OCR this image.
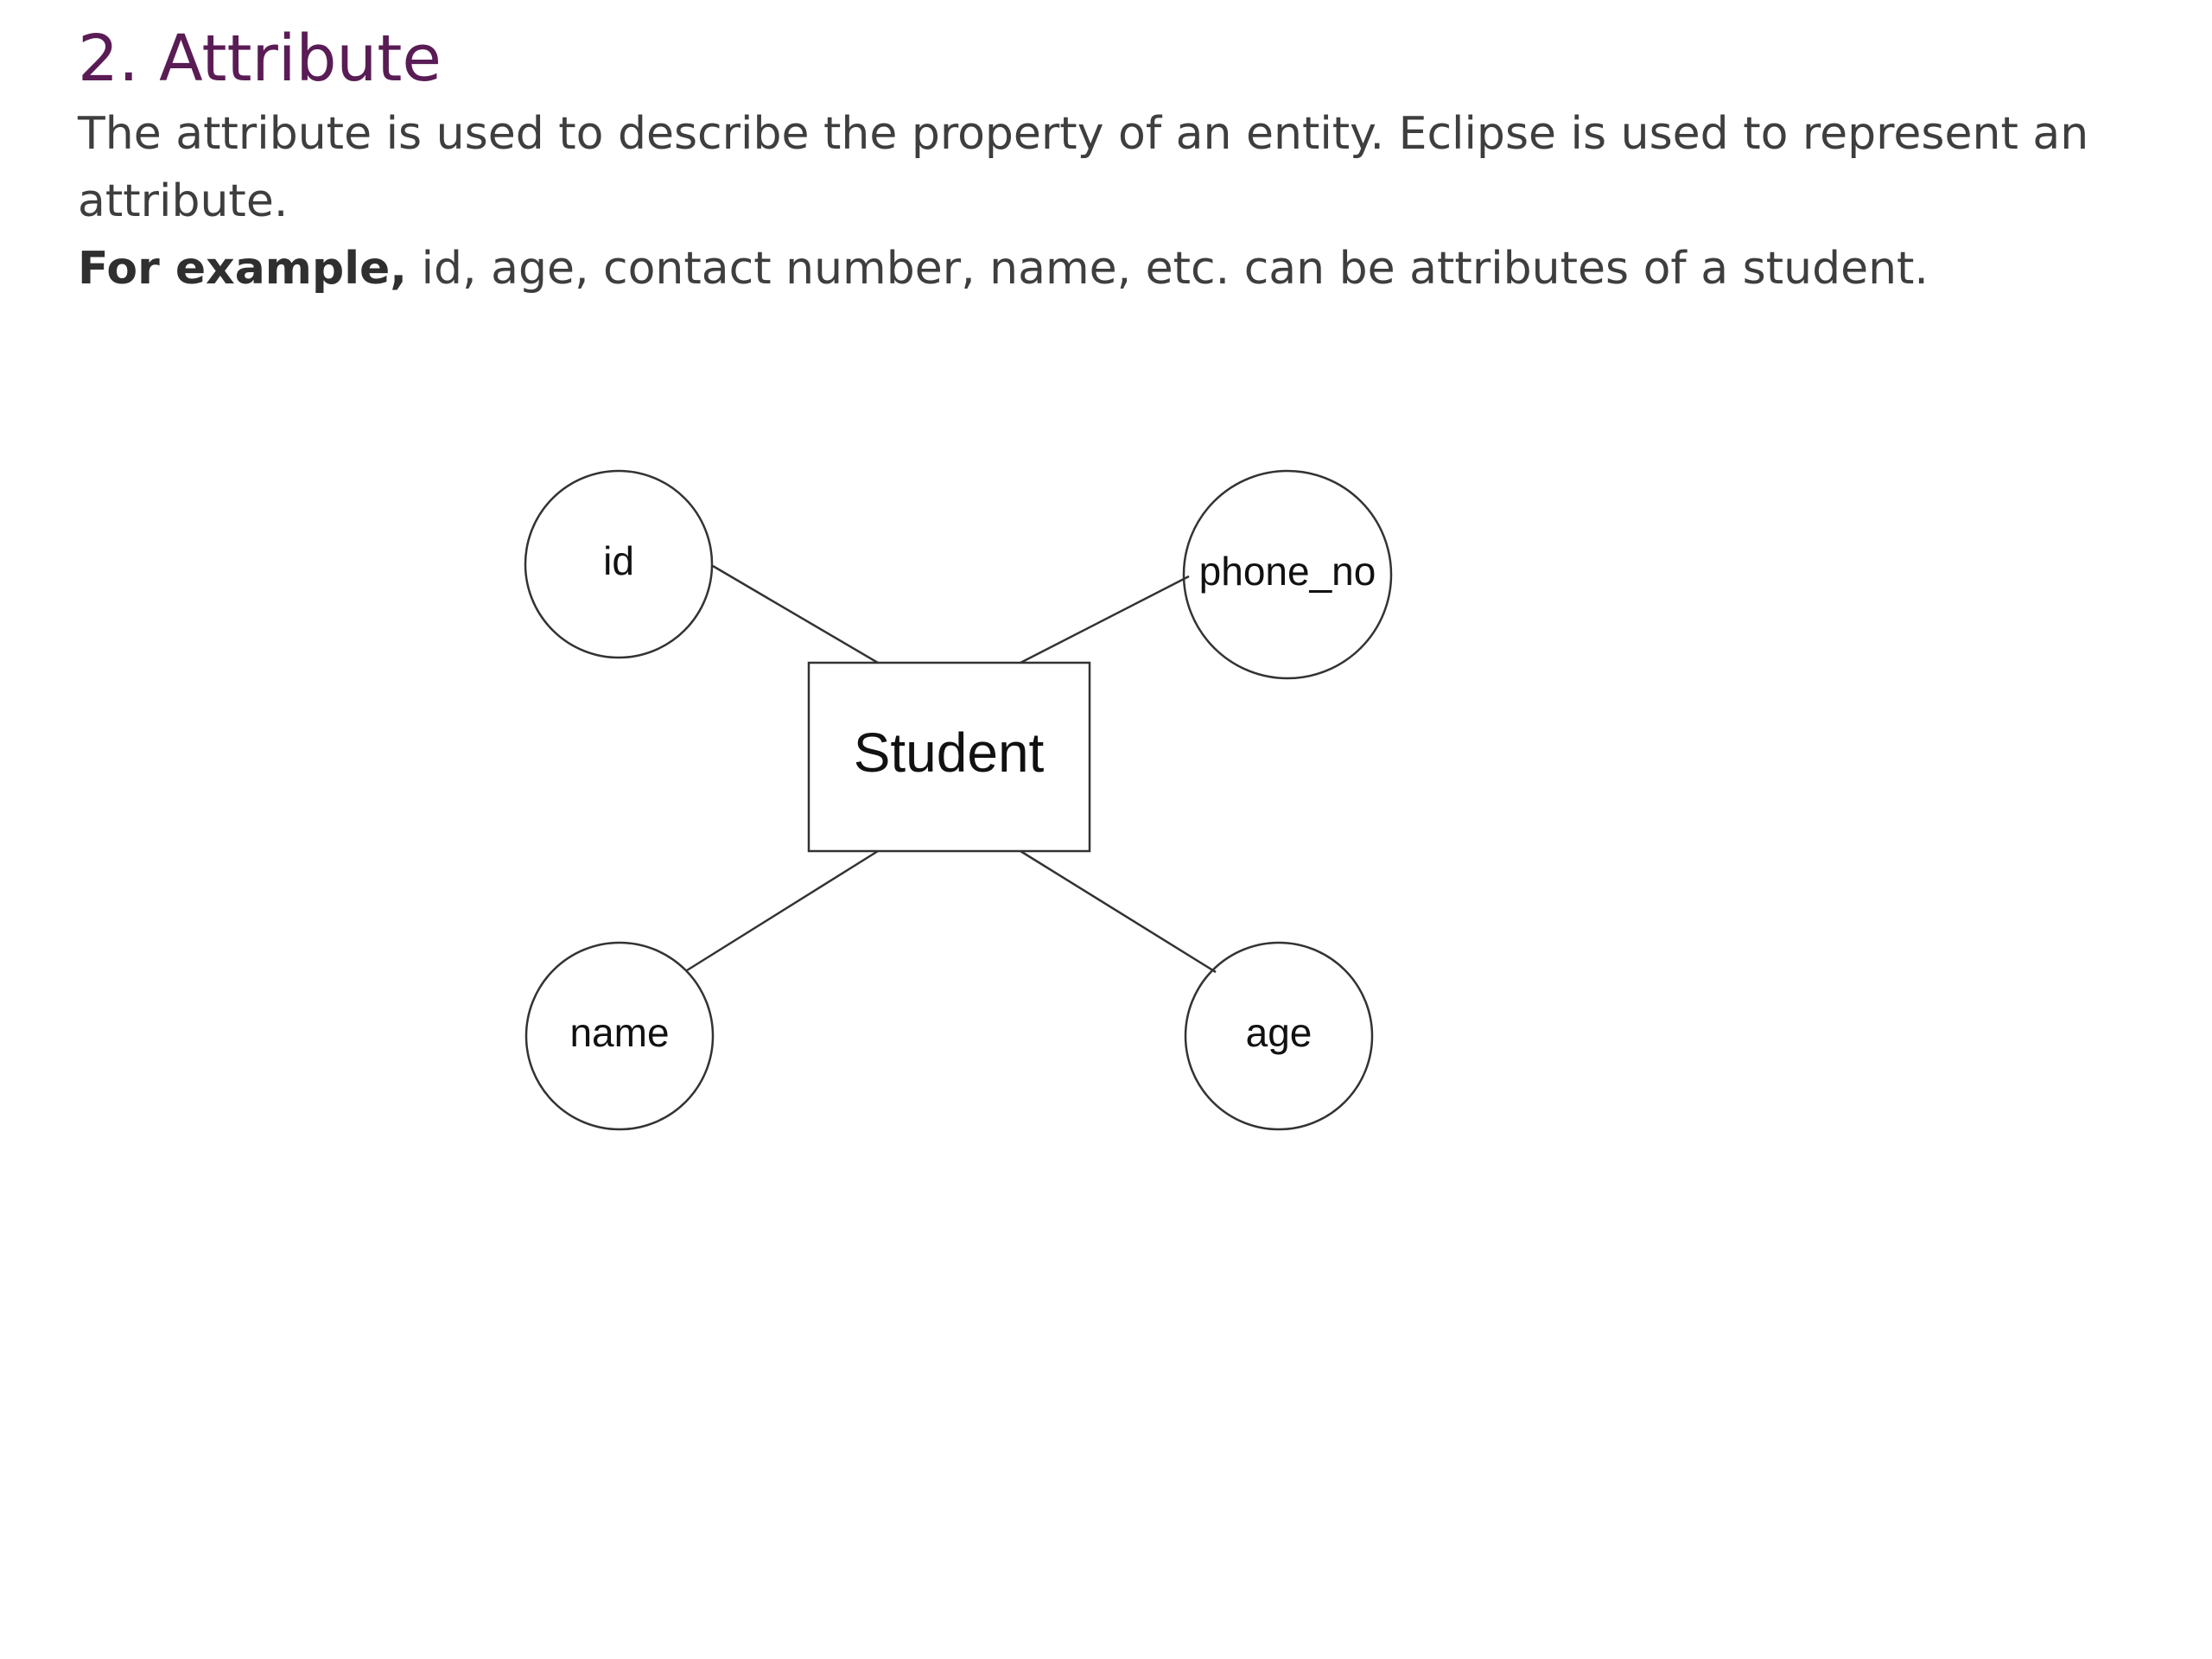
2. Attribute

The attribute is used to describe the property of an entity. Eclipse is used to represent an

attribute.

For example, id, age, contact number, name, etc. can be attributes of a student.

Student
id	phone_no
name	age
